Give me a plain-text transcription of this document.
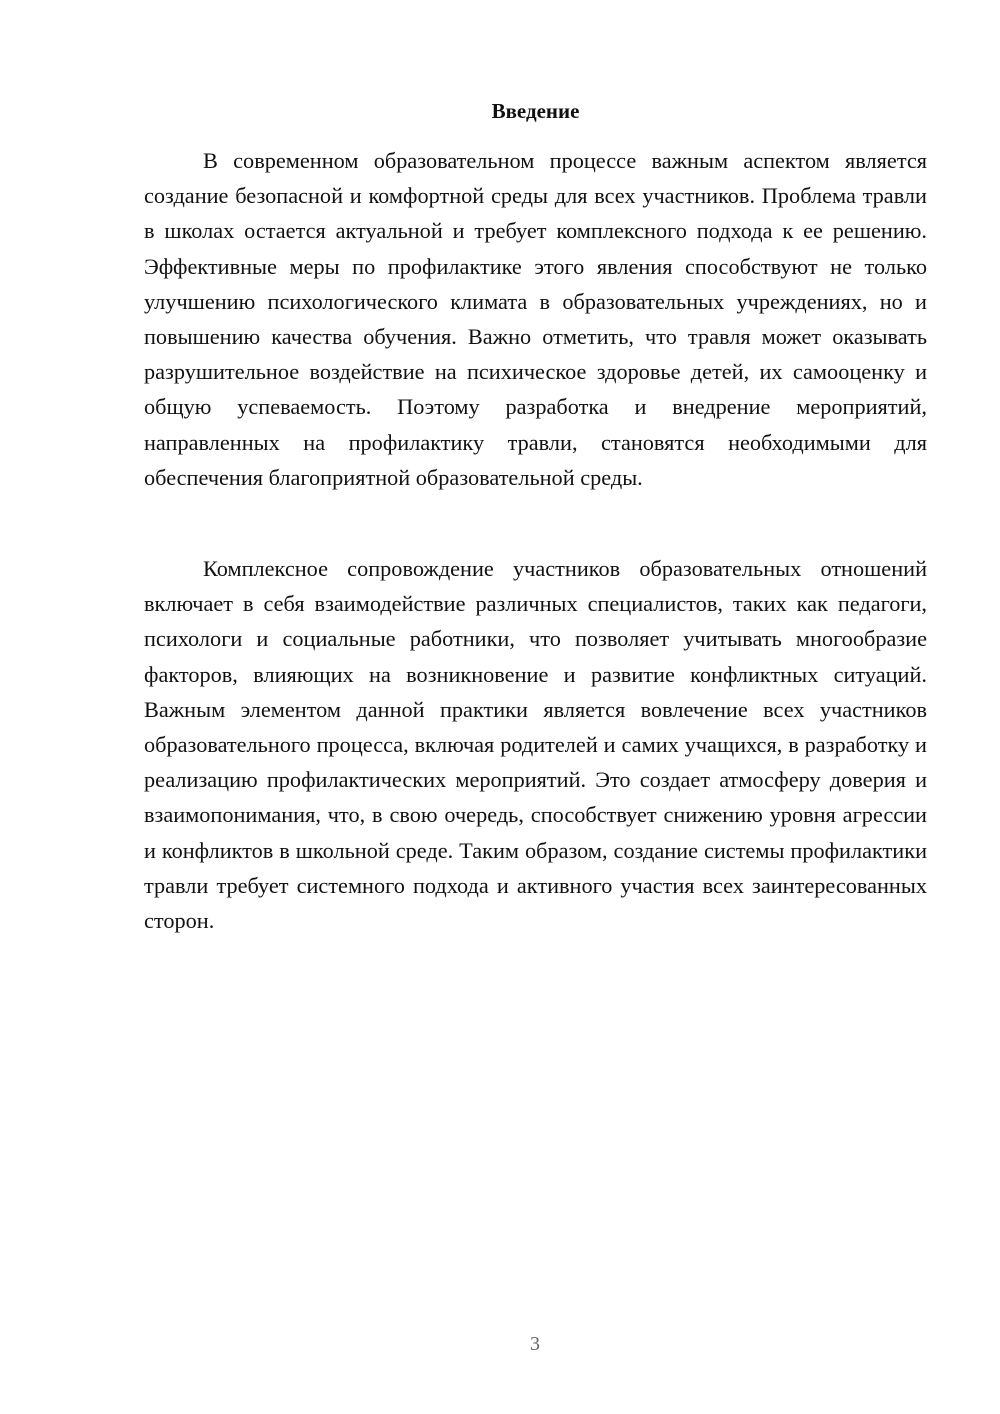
Введение

В современном образовательном процессе важным аспектом является создание безопасной и комфортной среды для всех участников. Проблема травли в школах остается актуальной и требует комплексного подхода к ее решению. Эффективные меры по профилактике этого явления способствуют не только улучшению психологического климата в образовательных учреждениях, но и повышению качества обучения. Важно отметить, что травля может оказывать разрушительное воздействие на психическое здоровье детей, их самооценку и общую успеваемость. Поэтому разработка и внедрение мероприятий, направленных на профилактику травли, становятся необходимыми для обеспечения благоприятной образовательной среды.

Комплексное сопровождение участников образовательных отношений включает в себя взаимодействие различных специалистов, таких как педагоги, психологи и социальные работники, что позволяет учитывать многообразие факторов, влияющих на возникновение и развитие конфликтных ситуаций. Важным элементом данной практики является вовлечение всех участников образовательного процесса, включая родителей и самих учащихся, в разработку и реализацию профилактических мероприятий. Это создает атмосферу доверия и взаимопонимания, что, в свою очередь, способствует снижению уровня агрессии и конфликтов в школьной среде. Таким образом, создание системы профилактики травли требует системного подхода и активного участия всех заинтересованных сторон.

3
